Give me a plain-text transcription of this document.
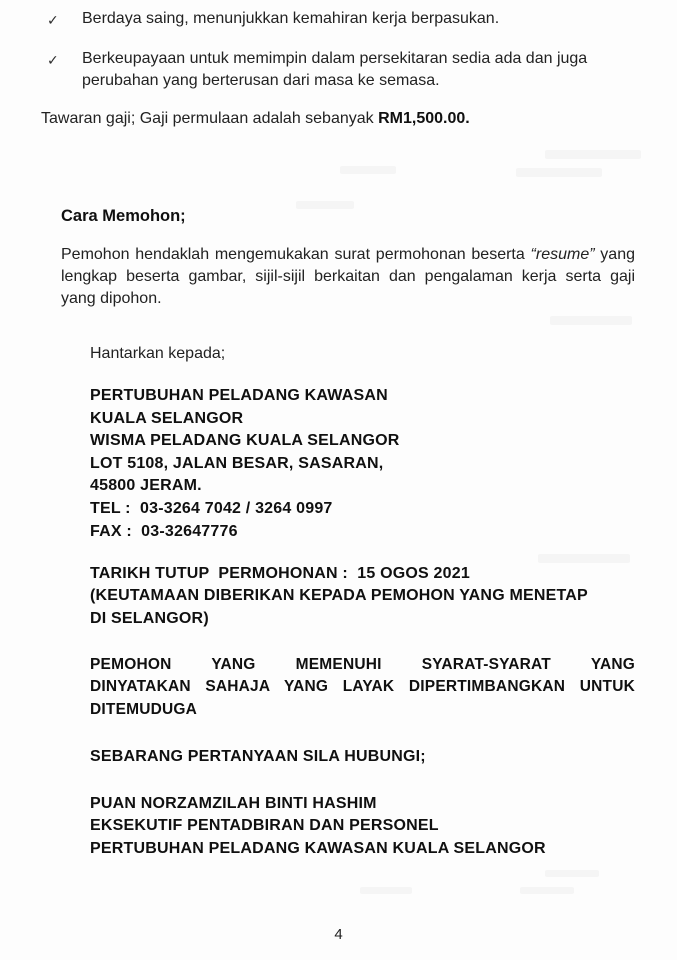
✓ Berdaya saing, menunjukkan kemahiran kerja berpasukan.
✓ Berkeupayaan untuk memimpin dalam persekitaran sedia ada dan juga perubahan yang berterusan dari masa ke semasa.
Tawaran gaji; Gaji permulaan adalah sebanyak RM1,500.00.
Cara Memohon;
Pemohon hendaklah mengemukakan surat permohonan beserta “resume” yang
lengkap beserta gambar, sijil-sijil berkaitan dan pengalaman kerja serta gaji
yang dipohon.
Hantarkan kepada;
PERTUBUHAN PELADANG KAWASAN
KUALA SELANGOR
WISMA PELADANG KUALA SELANGOR
LOT 5108, JALAN BESAR, SASARAN,
45800 JERAM.
TEL :  03-3264 7042 / 3264 0997
FAX :  03-32647776
TARIKH TUTUP  PERMOHONAN :  15 OGOS 2021
(KEUTAMAAN DIBERIKAN KEPADA PEMOHON YANG MENETAP
DI SELANGOR)
PEMOHON YANG MEMENUHI SYARAT-SYARAT YANG
DINYATAKAN SAHAJA YANG LAYAK DIPERTIMBANGKAN UNTUK
DITEMUDUGA
SEBARANG PERTANYAAN SILA HUBUNGI;
PUAN NORZAMZILAH BINTI HASHIM
EKSEKUTIF PENTADBIRAN DAN PERSONEL
PERTUBUHAN PELADANG KAWASAN KUALA SELANGOR
4
